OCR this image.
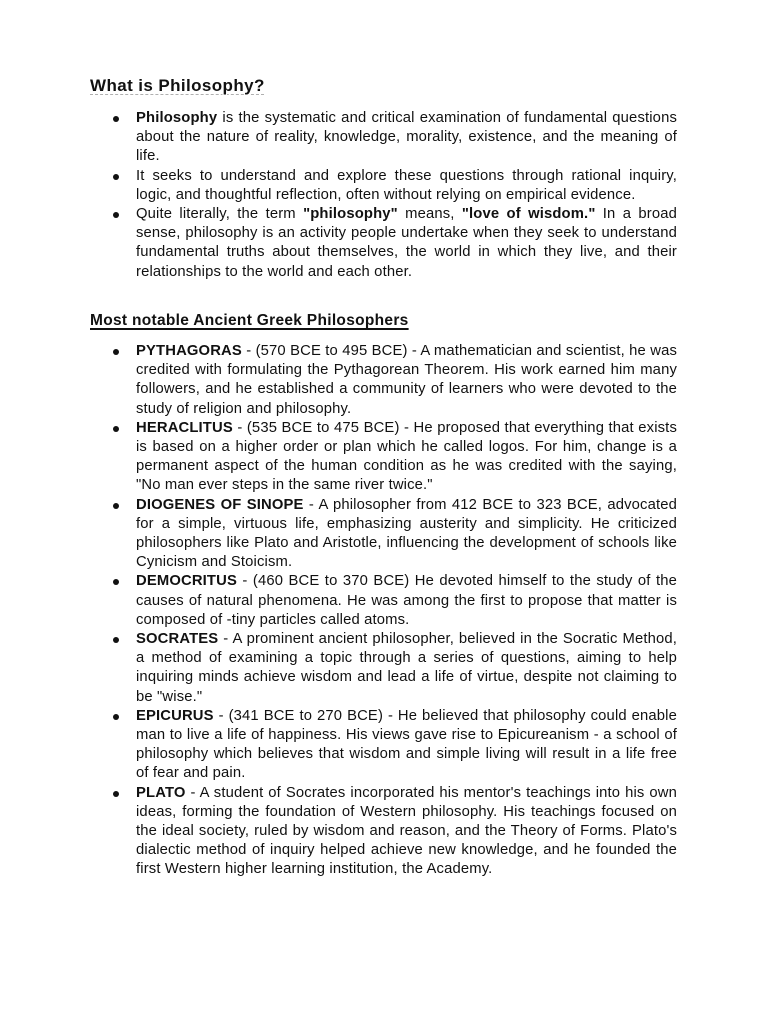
What is Philosophy?
Philosophy is the systematic and critical examination of fundamental questions about the nature of reality, knowledge, morality, existence, and the meaning of life.
It seeks to understand and explore these questions through rational inquiry, logic, and thoughtful reflection, often without relying on empirical evidence.
Quite literally, the term "philosophy" means, "love of wisdom." In a broad sense, philosophy is an activity people undertake when they seek to understand fundamental truths about themselves, the world in which they live, and their relationships to the world and each other.
Most notable Ancient Greek Philosophers
PYTHAGORAS - (570 BCE to 495 BCE) - A mathematician and scientist, he was credited with formulating the Pythagorean Theorem. His work earned him many followers, and he established a community of learners who were devoted to the study of religion and philosophy.
HERACLITUS - (535 BCE to 475 BCE) - He proposed that everything that exists is based on a higher order or plan which he called logos. For him, change is a permanent aspect of the human condition as he was credited with the saying, "No man ever steps in the same river twice."
DIOGENES OF SINOPE - A philosopher from 412 BCE to 323 BCE, advocated for a simple, virtuous life, emphasizing austerity and simplicity. He criticized philosophers like Plato and Aristotle, influencing the development of schools like Cynicism and Stoicism.
DEMOCRITUS - (460 BCE to 370 BCE) He devoted himself to the study of the causes of natural phenomena. He was among the first to propose that matter is composed of -tiny particles called atoms.
SOCRATES - A prominent ancient philosopher, believed in the Socratic Method, a method of examining a topic through a series of questions, aiming to help inquiring minds achieve wisdom and lead a life of virtue, despite not claiming to be "wise."
EPICURUS - (341 BCE to 270 BCE) - He believed that philosophy could enable man to live a life of happiness. His views gave rise to Epicureanism - a school of philosophy which believes that wisdom and simple living will result in a life free of fear and pain.
PLATO - A student of Socrates incorporated his mentor's teachings into his own ideas, forming the foundation of Western philosophy. His teachings focused on the ideal society, ruled by wisdom and reason, and the Theory of Forms. Plato's dialectic method of inquiry helped achieve new knowledge, and he founded the first Western higher learning institution, the Academy.
